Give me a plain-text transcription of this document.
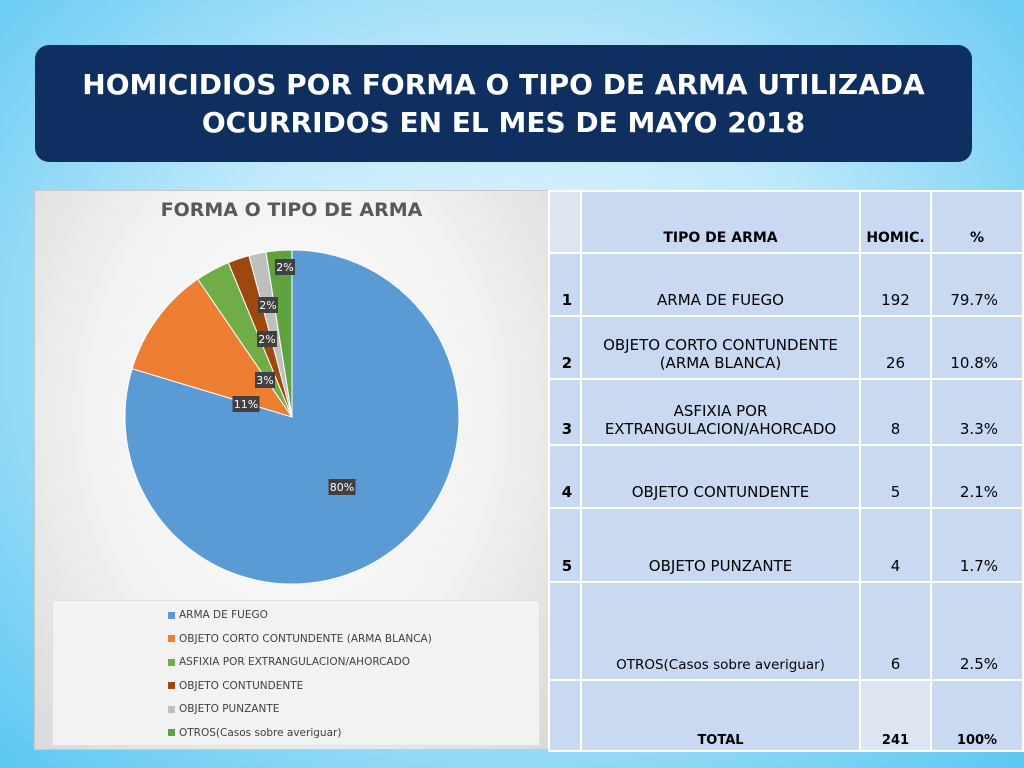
HOMICIDIOS POR FORMA O TIPO DE ARMA UTILIZADA
OCURRIDOS EN EL MES DE MAYO 2018
FORMA O TIPO DE ARMA
80%
11%
3%
2%
2%
2%
ARMA DE FUEGO
OBJETO CORTO CONTUNDENTE (ARMA BLANCA)
ASFIXIA POR EXTRANGULACION/AHORCADO
OBJETO CONTUNDENTE
OBJETO PUNZANTE
OTROS(Casos sobre averiguar)
	TIPO DE ARMA	HOMIC.	%
1	ARMA DE FUEGO	192	79.7%
2	OBJETO CORTO CONTUNDENTE (ARMA BLANCA)	26	10.8%
3	ASFIXIA POR EXTRANGULACION/AHORCADO	8	3.3%
4	OBJETO CONTUNDENTE	5	2.1%
5	OBJETO PUNZANTE	4	1.7%
	OTROS(Casos sobre averiguar)	6	2.5%
	TOTAL	241	100%
